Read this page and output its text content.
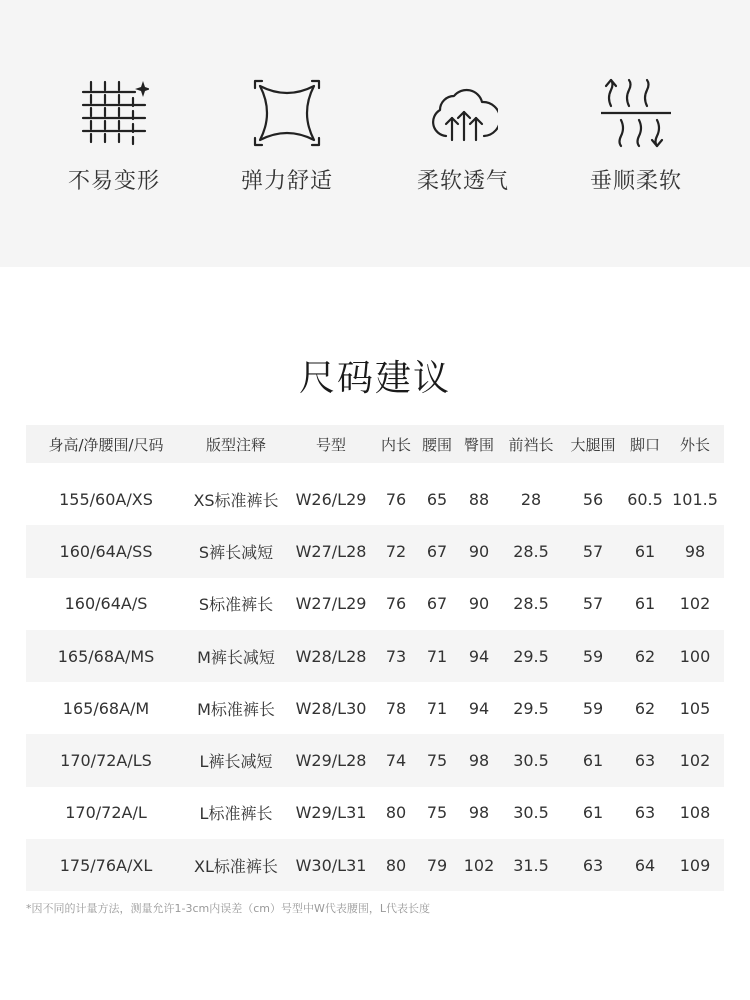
不易变形	弹力舒适	柔软透气	垂顺柔软
尺码建议
身高/净腰围/尺码	版型注释	号型	内长	腰围	臀围	前裆长	大腿围	脚口	外长

155/60A/XS	XS标准裤长	W26/L29	76	65	88	28	56	60.5	101.5
160/64A/SS	S裤长减短	W27/L28	72	67	90	28.5	57	61	98
160/64A/S	S标准裤长	W27/L29	76	67	90	28.5	57	61	102
165/68A/MS	M裤长减短	W28/L28	73	71	94	29.5	59	62	100
165/68A/M	M标准裤长	W28/L30	78	71	94	29.5	59	62	105
170/72A/LS	L裤长减短	W29/L28	74	75	98	30.5	61	63	102
170/72A/L	L标准裤长	W29/L31	80	75	98	30.5	61	63	108
175/76A/XL	XL标准裤长	W30/L31	80	79	102	31.5	63	64	109

*因不同的计量方法，测量允许1-3cm内误差（cm）号型中W代表腰围，L代表长度
